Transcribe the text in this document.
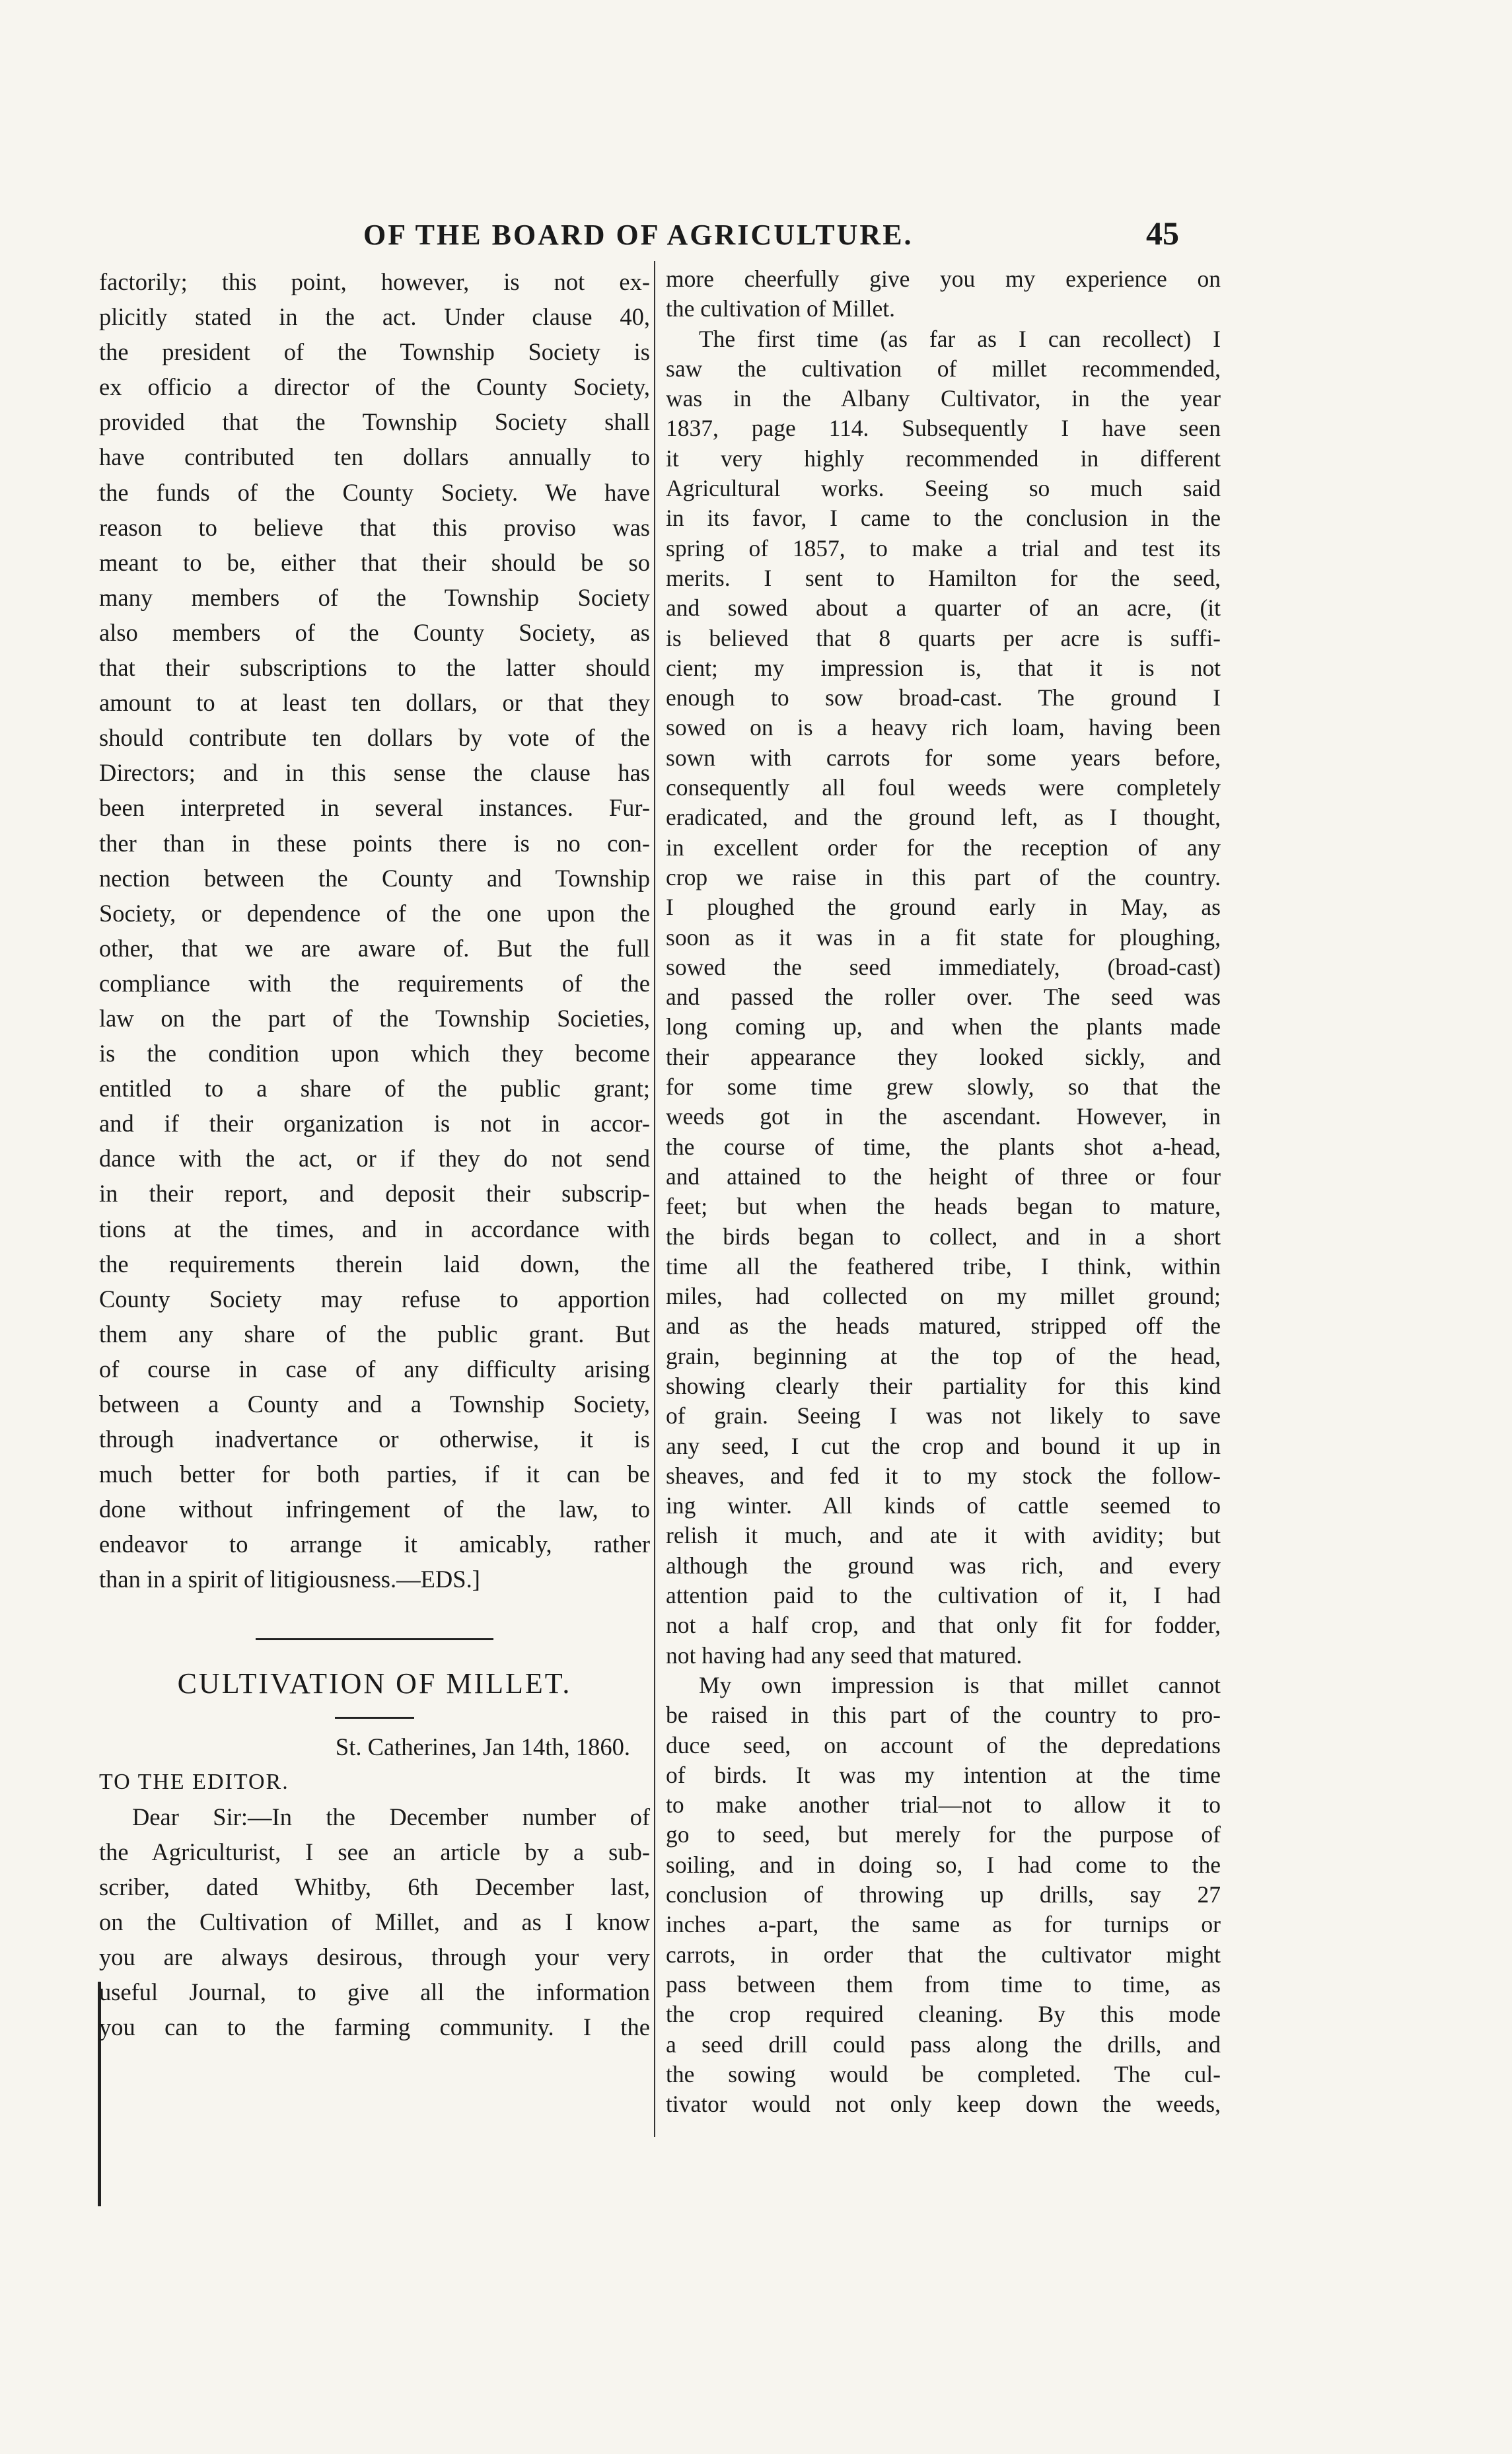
OF THE BOARD OF AGRICULTURE.	45
factorily; this point, however, is not ex-
plicitly stated in the act. Under clause 40,
the president of the Township Society is
ex officio a director of the County Society,
provided that the Township Society shall
have contributed ten dollars annually to
the funds of the County Society. We have
reason to believe that this proviso was
meant to be, either that their should be so
many members of the Township Society
also members of the County Society, as
that their subscriptions to the latter should
amount to at least ten dollars, or that they
should contribute ten dollars by vote of the
Directors; and in this sense the clause has
been interpreted in several instances. Fur-
ther than in these points there is no con-
nection between the County and Township
Society, or dependence of the one upon the
other, that we are aware of. But the full
compliance with the requirements of the
law on the part of the Township Societies,
is the condition upon which they become
entitled to a share of the public grant;
and if their organization is not in accor-
dance with the act, or if they do not send
in their report, and deposit their subscrip-
tions at the times, and in accordance with
the requirements therein laid down, the
County Society may refuse to apportion
them any share of the public grant. But
of course in case of any difficulty arising
between a County and a Township Society,
through inadvertance or otherwise, it is
much better for both parties, if it can be
done without infringement of the law, to
endeavor to arrange it amicably, rather
than in a spirit of litigiousness.—EDS.]
CULTIVATION OF MILLET.
St. Catherines, Jan 14th, 1860.
TO THE EDITOR.
Dear Sir:—In the December number of
the Agriculturist, I see an article by a sub-
scriber, dated Whitby, 6th December last,
on the Cultivation of Millet, and as I know
you are always desirous, through your very
useful Journal, to give all the information
you can to the farming community. I the
more cheerfully give you my experience on
the cultivation of Millet.
The first time (as far as I can recollect) I
saw the cultivation of millet recommended,
was in the Albany Cultivator, in the year
1837, page 114. Subsequently I have seen
it very highly recommended in different
Agricultural works. Seeing so much said
in its favor, I came to the conclusion in the
spring of 1857, to make a trial and test its
merits. I sent to Hamilton for the seed,
and sowed about a quarter of an acre, (it
is believed that 8 quarts per acre is suffi-
cient; my impression is, that it is not
enough to sow broad-cast. The ground I
sowed on is a heavy rich loam, having been
sown with carrots for some years before,
consequently all foul weeds were completely
eradicated, and the ground left, as I thought,
in excellent order for the reception of any
crop we raise in this part of the country.
I ploughed the ground early in May, as
soon as it was in a fit state for ploughing,
sowed the seed immediately, (broad-cast)
and passed the roller over. The seed was
long coming up, and when the plants made
their appearance they looked sickly, and
for some time grew slowly, so that the
weeds got in the ascendant. However, in
the course of time, the plants shot a-head,
and attained to the height of three or four
feet; but when the heads began to mature,
the birds began to collect, and in a short
time all the feathered tribe, I think, within
miles, had collected on my millet ground;
and as the heads matured, stripped off the
grain, beginning at the top of the head,
showing clearly their partiality for this kind
of grain. Seeing I was not likely to save
any seed, I cut the crop and bound it up in
sheaves, and fed it to my stock the follow-
ing winter. All kinds of cattle seemed to
relish it much, and ate it with avidity; but
although the ground was rich, and every
attention paid to the cultivation of it, I had
not a half crop, and that only fit for fodder,
not having had any seed that matured.
My own impression is that millet cannot
be raised in this part of the country to pro-
duce seed, on account of the depredations
of birds. It was my intention at the time
to make another trial—not to allow it to
go to seed, but merely for the purpose of
soiling, and in doing so, I had come to the
conclusion of throwing up drills, say 27
inches a-part, the same as for turnips or
carrots, in order that the cultivator might
pass between them from time to time, as
the crop required cleaning. By this mode
a seed drill could pass along the drills, and
the sowing would be completed. The cul-
tivator would not only keep down the weeds,
